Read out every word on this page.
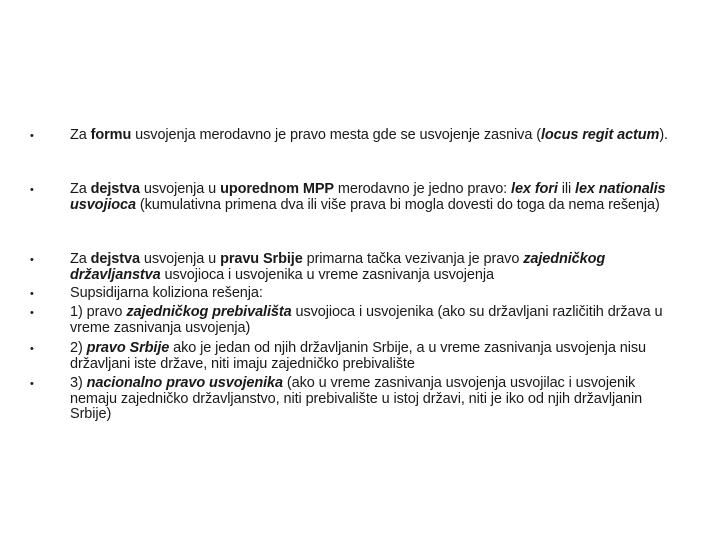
• Za formu usvojenja merodavno je pravo mesta gde se usvojenje zasniva (locus regit actum).
• Za dejstva usvojenja u uporednom MPP merodavno je jedno pravo: lex fori ili lex nationalis usvojioca (kumulativna primena dva ili više prava bi mogla dovesti do toga da nema rešenja)
• Za dejstva usvojenja u pravu Srbije primarna tačka vezivanja je pravo zajedničkog državljanstva usvojioca i usvojenika u vreme zasnivanja usvojenja
• Supsidijarna koliziona rešenja:
• 1) pravo zajedničkog prebivališta usvojioca i usvojenika (ako su državljani različitih država u vreme zasnivanja usvojenja)
• 2) pravo Srbije ako je jedan od njih državljanin Srbije, a u vreme zasnivanja usvojenja nisu državljani iste države, niti imaju zajedničko prebivalište
• 3) nacionalno pravo usvojenika (ako u vreme zasnivanja usvojenja usvojilac i usvojenik nemaju zajedničko državljanstvo, niti prebivalište u istoj državi, niti je iko od njih državljanin Srbije)
